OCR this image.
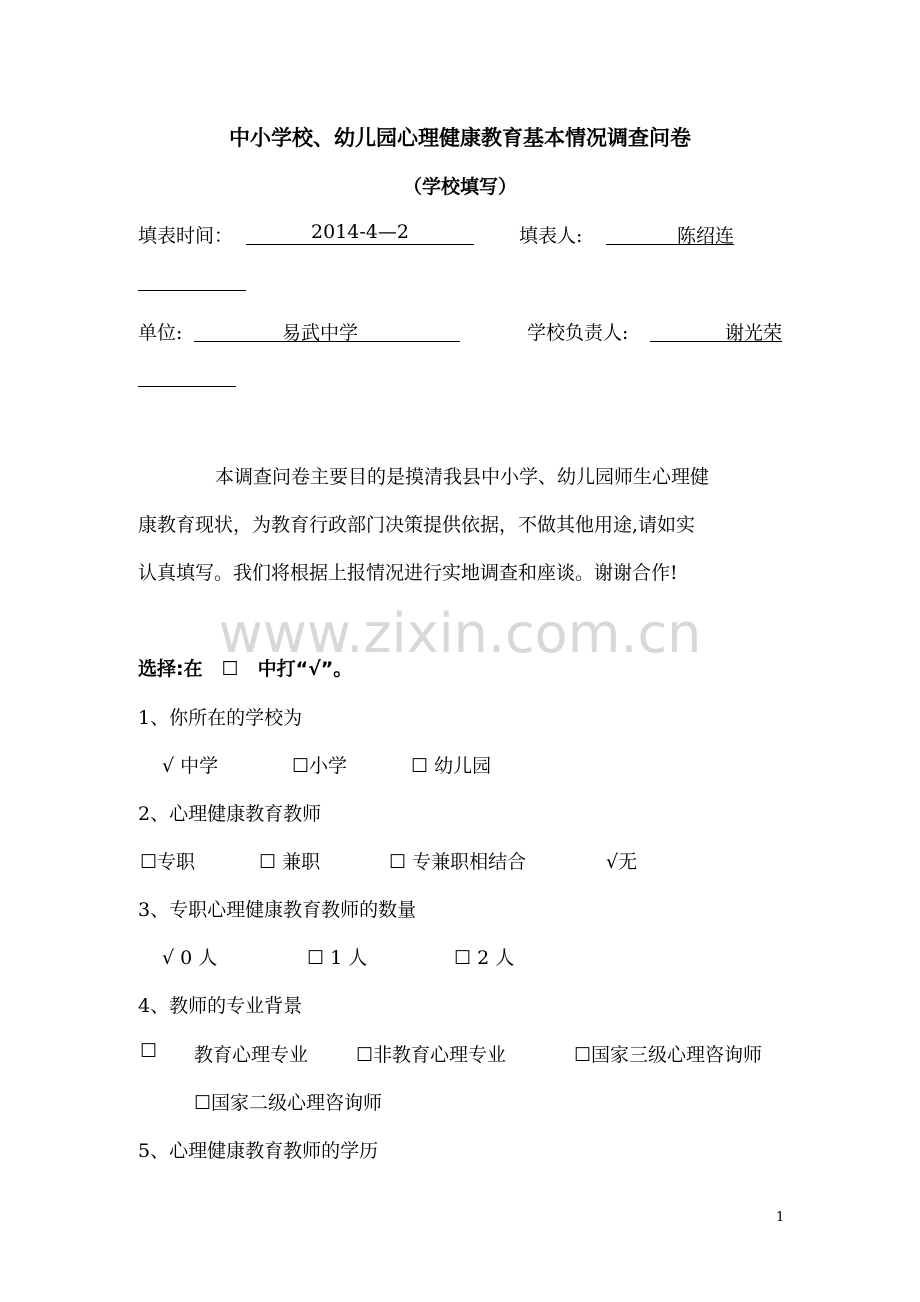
中小学校、幼儿园心理健康教育基本情况调查问卷
（学校填写）
填表时间：	2014-4—2	填表人:	陈绍连
单位:	易武中学	学校负责人:	谢光荣
本调查问卷主要目的是摸清我县中小学、幼儿园师生心理健
康教育现状，为教育行政部门决策提供依据，不做其他用途,请如实
认真填写。我们将根据上报情况进行实地调查和座谈。谢谢合作!
www.zixin.com.cn
选择:在　☐　中打“√”。
1、你所在的学校为
√ 中学	☐小学	☐ 幼儿园
2、心理健康教育教师
☐专职	☐ 兼职	☐ 专兼职相结合	√无
3、专职心理健康教育教师的数量
√ 0 人	☐ 1 人	☐ 2 人
4、教师的专业背景
☐ 教育心理专业	☐非教育心理专业	☐国家三级心理咨询师
☐国家二级心理咨询师
5、心理健康教育教师的学历
1
